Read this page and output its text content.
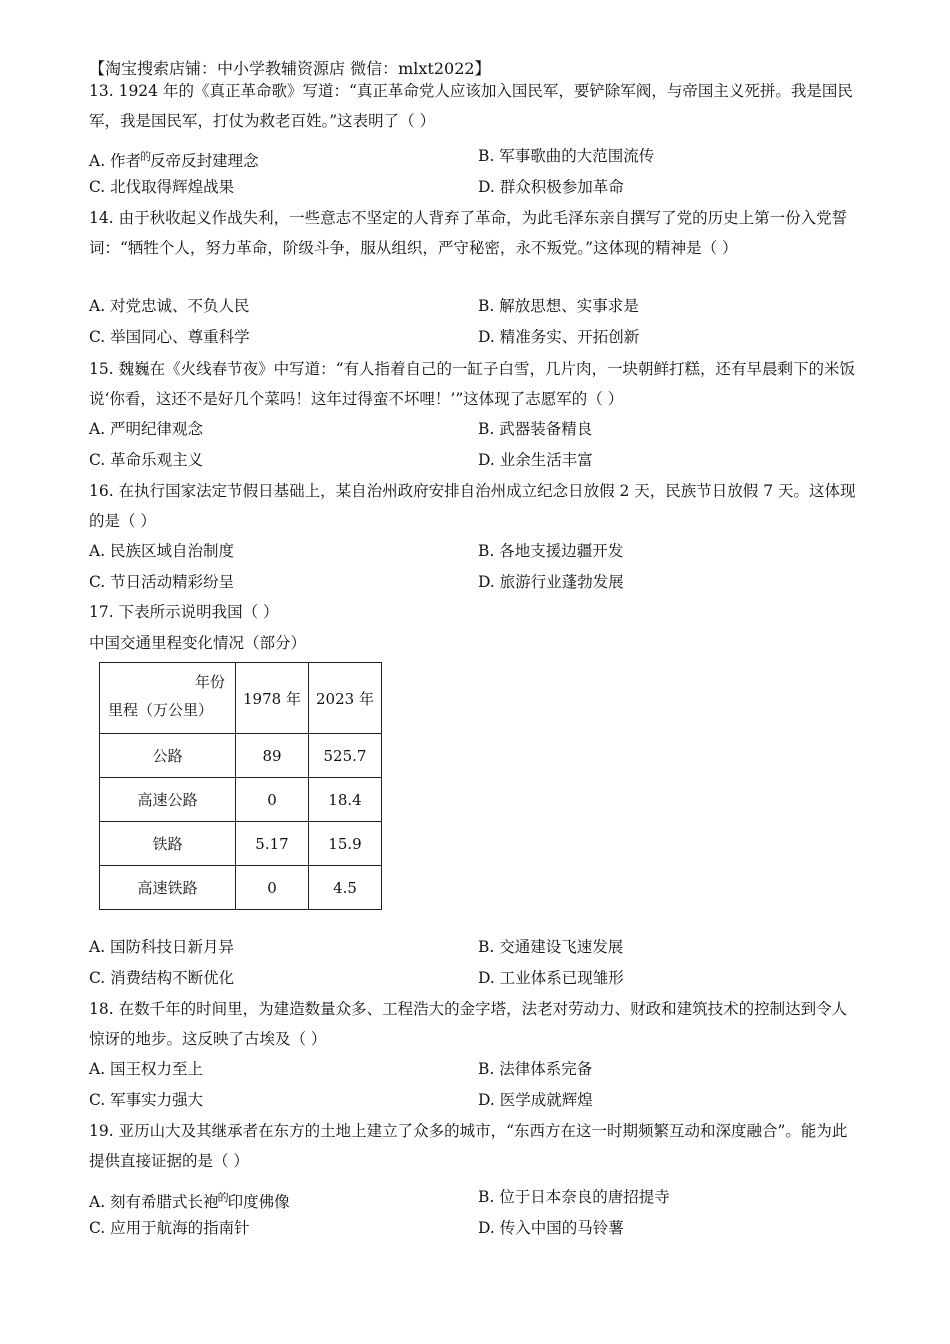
【淘宝搜索店铺：中小学教辅资源店 微信：mlxt2022】
13. 1924 年的《真正革命歌》写道：“真正革命党人应该加入国民军，要铲除军阀，与帝国主义死拼。我是国民军，我是国民军，打仗为救老百姓。”这表明了（ ）
A. 作者$^的$反帝反封建理念	B. 军事歌曲的大范围流传
C. 北伐取得辉煌战果	D. 群众积极参加革命
14. 由于秋收起义作战失利，一些意志不坚定的人背弃了革命，为此毛泽东亲自撰写了党的历史上第一份入党誓词：“牺牲个人，努力革命，阶级斗争，服从组织，严守秘密，永不叛党。”这体现的精神是（ ）
A. 对党忠诚、不负人民	B. 解放思想、实事求是
C. 举国同心、尊重科学	D. 精准务实、开拓创新
15. 魏巍在《火线春节夜》中写道：“有人指着自己的一缸子白雪，几片肉，一块朝鲜打糕，还有早晨剩下的米饭说‘你看，这还不是好几个菜吗！这年过得蛮不坏哩！’”这体现了志愿军的（ ）
A. 严明纪律观念	B. 武器装备精良
C. 革命乐观主义	D. 业余生活丰富
16. 在执行国家法定节假日基础上，某自治州政府安排自治州成立纪念日放假 2 天，民族节日放假 7 天。这体现的是（ ）
A. 民族区域自治制度	B. 各地支援边疆开发
C. 节日活动精彩纷呈	D. 旅游行业蓬勃发展
17. 下表所示说明我国（ ）
中国交通里程变化情况（部分）
年份
里程（万公里）	1978 年	2023 年
公路	89	525.7
高速公路	0	18.4
铁路	5.17	15.9
高速铁路	0	4.5
A. 国防科技日新月异	B. 交通建设飞速发展
C. 消费结构不断优化	D. 工业体系已现雏形
18. 在数千年的时间里，为建造数量众多、工程浩大的金字塔，法老对劳动力、财政和建筑技术的控制达到令人惊讶的地步。这反映了古埃及（ ）
A. 国王权力至上	B. 法律体系完备
C. 军事实力强大	D. 医学成就辉煌
19. 亚历山大及其继承者在东方的土地上建立了众多的城市，“东西方在这一时期频繁互动和深度融合”。能为此提供直接证据的是（ ）
A. 刻有希腊式长袍$^的$印度佛像	B. 位于日本奈良的唐招提寺
C. 应用于航海的指南针	D. 传入中国的马铃薯
